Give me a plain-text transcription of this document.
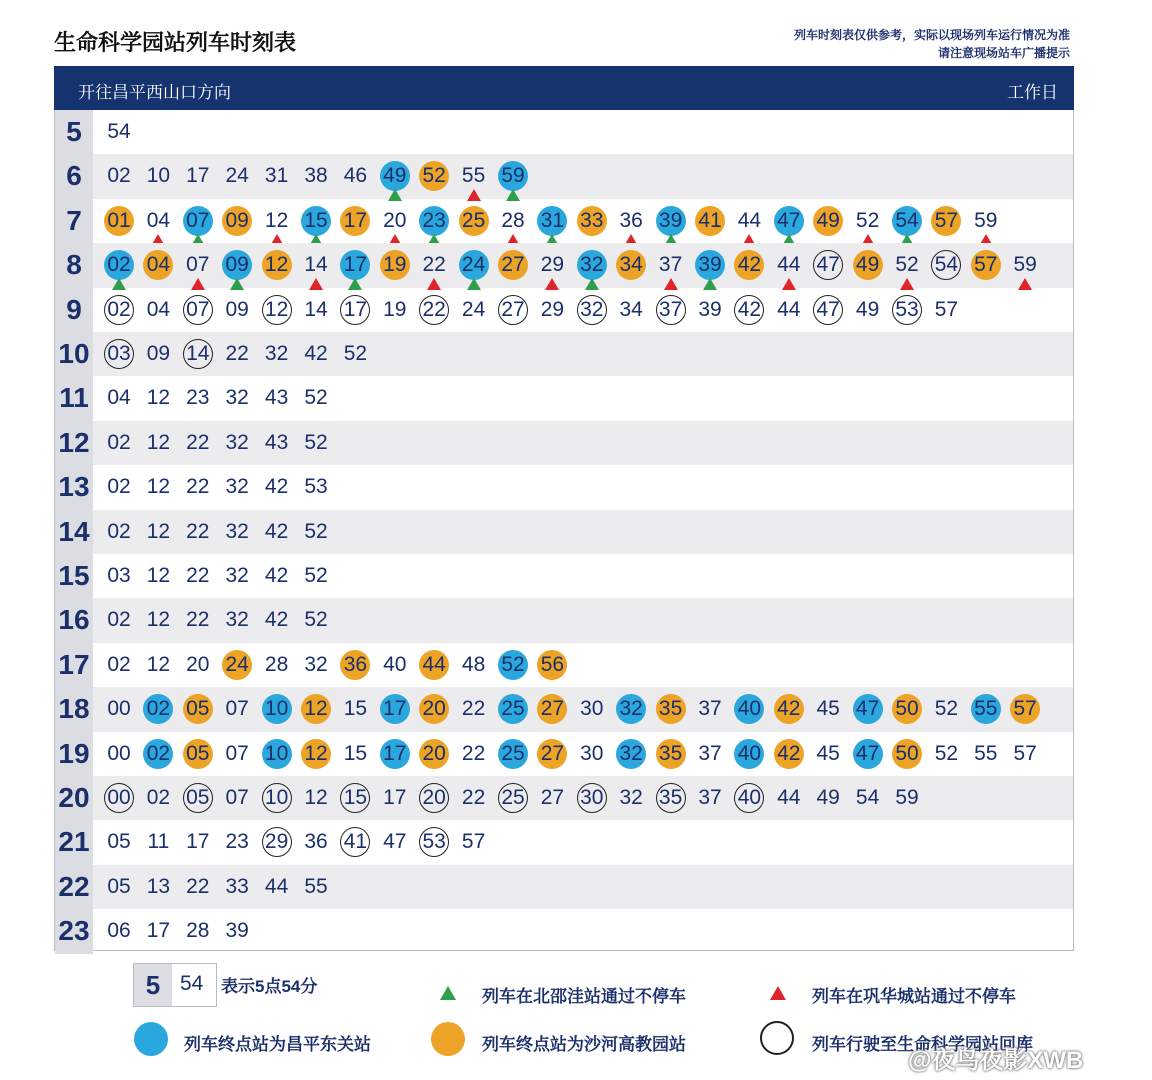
生命科学园站列车时刻表	列车时刻表仅供参考，实际以现场列车运行情况为准
请注意现场站车广播提示
开往昌平西山口方向	工作日
5	54
6	02 10 17 24 31 38 46 49 52 55 59
7	01 04 07 09 12 15 17 20 23 25 28 31 33 36 39 41 44 47 49 52 54 57 59
8	02 04 07 09 12 14 17 19 22 24 27 29 32 34 37 39 42 44 47 49 52 54 57 59
9	02 04 07 09 12 14 17 19 22 24 27 29 32 34 37 39 42 44 47 49 53 57
10 03 09 14 22 32 42 52
11 04 12 23 32 43 52
12 02 12 22 32 43 52
13 02 12 22 32 42 53
14 02 12 22 32 42 52
15 03 12 22 32 42 52
16 02 12 22 32 42 52
17 02 12 20 24 28 32 36 40 44 48 52 56
18 00 02 05 07 10 12 15 17 20 22 25 27 30 32 35 37 40 42 45 47 50 52 55 57
19 00 02 05 07 10 12 15 17 20 22 25 27 30 32 35 37 40 42 45 47 50 52 55 57
20 00 02 05 07 10 12 15 17 20 22 25 27 30 32 35 37 40 44 49 54 59
21 05 11 17 23 29 36 41 47 53 57
22 05 13 22 33 44 55
23 06 17 28 39
5 54 表示5点54分
列车在北邵洼站通过不停车	列车在巩华城站通过不停车
列车终点站为昌平东关站	列车终点站为沙河高教园站	列车行驶至生命科学园站回库
@夜鸟夜影XWB
